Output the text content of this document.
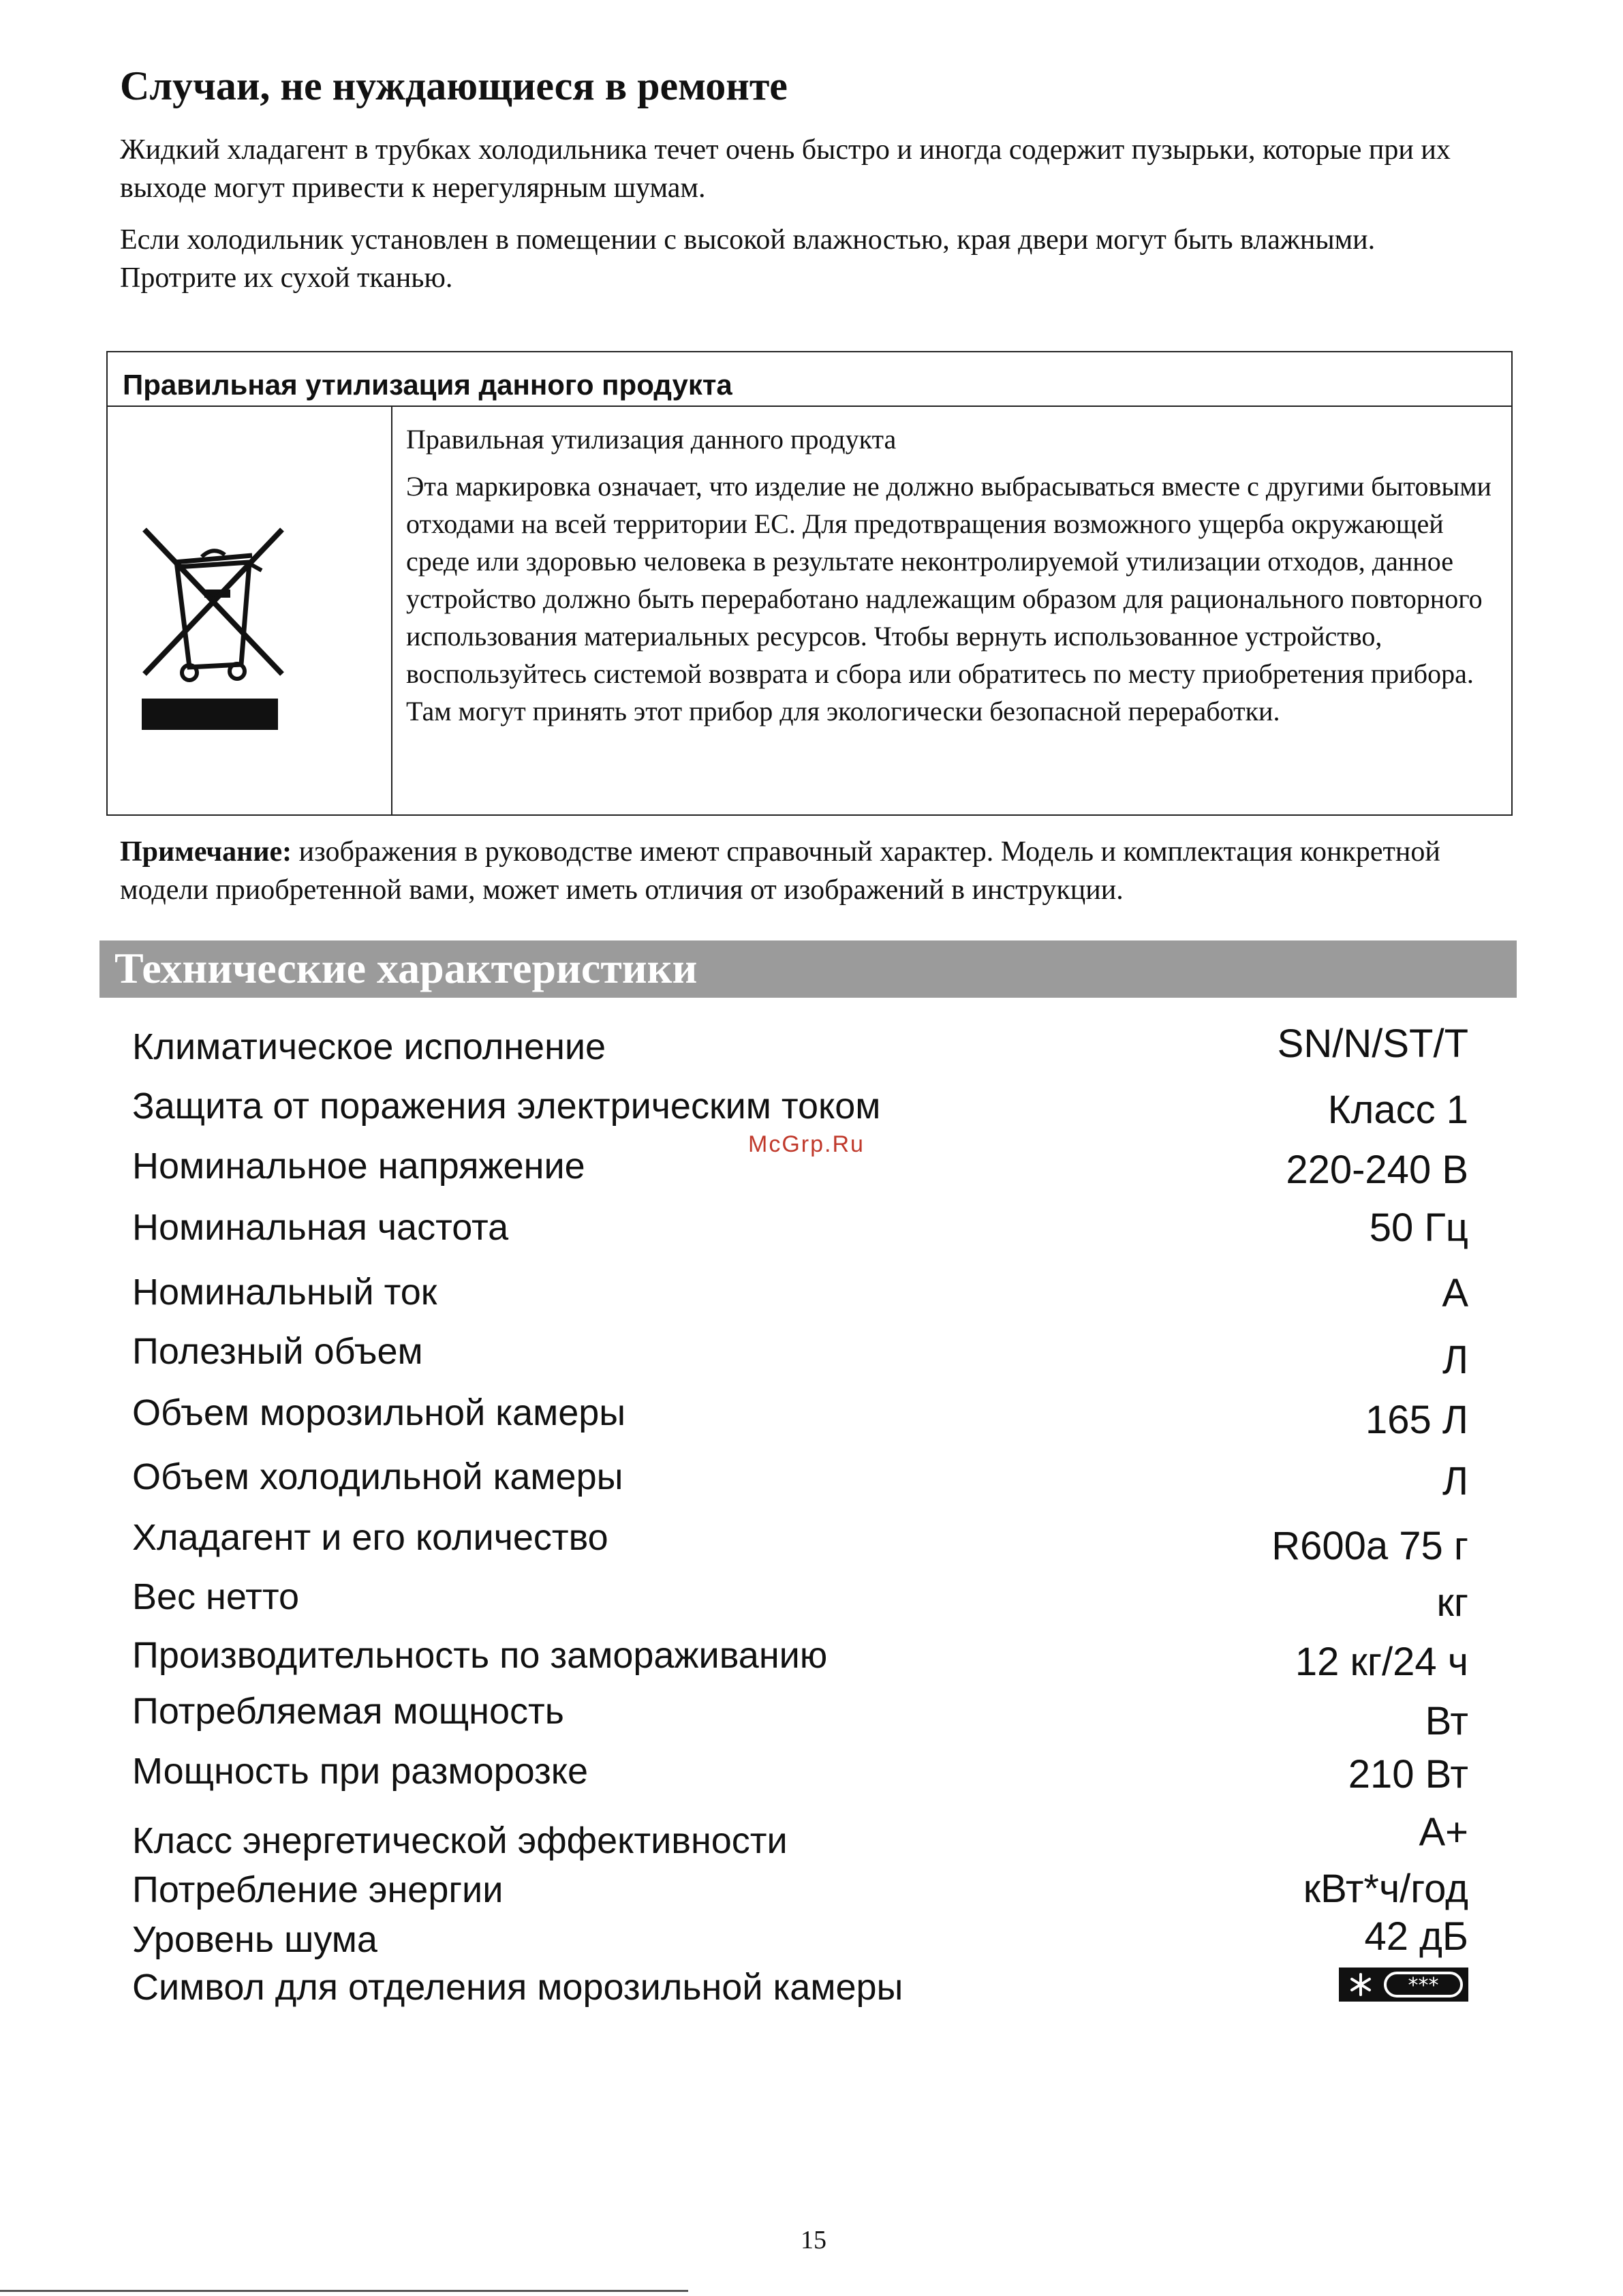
Случаи, не нуждающиеся в ремонте

Жидкий хладагент в трубках холодильника течет очень быстро и иногда содержит пузырьки, которые при их выходе могут привести к нерегулярным шумам.

Если холодильник установлен в помещении с высокой влажностью, края двери могут быть влажными. Протрите их сухой тканью.

Правильная утилизация данного продукта

Правильная утилизация данного продукта

Эта маркировка означает, что изделие не должно выбрасываться вместе с другими бытовыми отходами на всей территории ЕС. Для предотвращения возможного ущерба окружающей среде или здоровью человека в результате неконтролируемой утилизации отходов, данное устройство должно быть переработано надлежащим образом для рационального повторного использования материальных ресурсов. Чтобы вернуть использованное устройство, воспользуйтесь системой возврата и сбора или обратитесь по месту приобретения прибора. Там могут принять этот прибор для экологически безопасной переработки.

Примечание: изображения в руководстве имеют справочный характер. Модель и комплектация конкретной модели приобретенной вами, может иметь отличия от изображений в инструкции.

Технические характеристики
Климатическое исполнение	SN/N/ST/T
Защита от поражения электрическим током	Класс 1
Номинальное напряжение	220-240 В
Номинальная частота	50 Гц
Номинальный ток	А
Полезный объем	Л
Объем морозильной камеры	165 Л
Объем холодильной камеры	Л
Хладагент и его количество	R600a 75 г
Вес нетто	кг
Производительность по замораживанию	12 кг/24 ч
Потребляемая мощность	Вт
Мощность при разморозке	210 Вт
Класс энергетической эффективности	A+
Потребление энергии	кВт*ч/год
Уровень шума	42 дБ
Символ для отделения морозильной камеры	***
McGrp.Ru
15
